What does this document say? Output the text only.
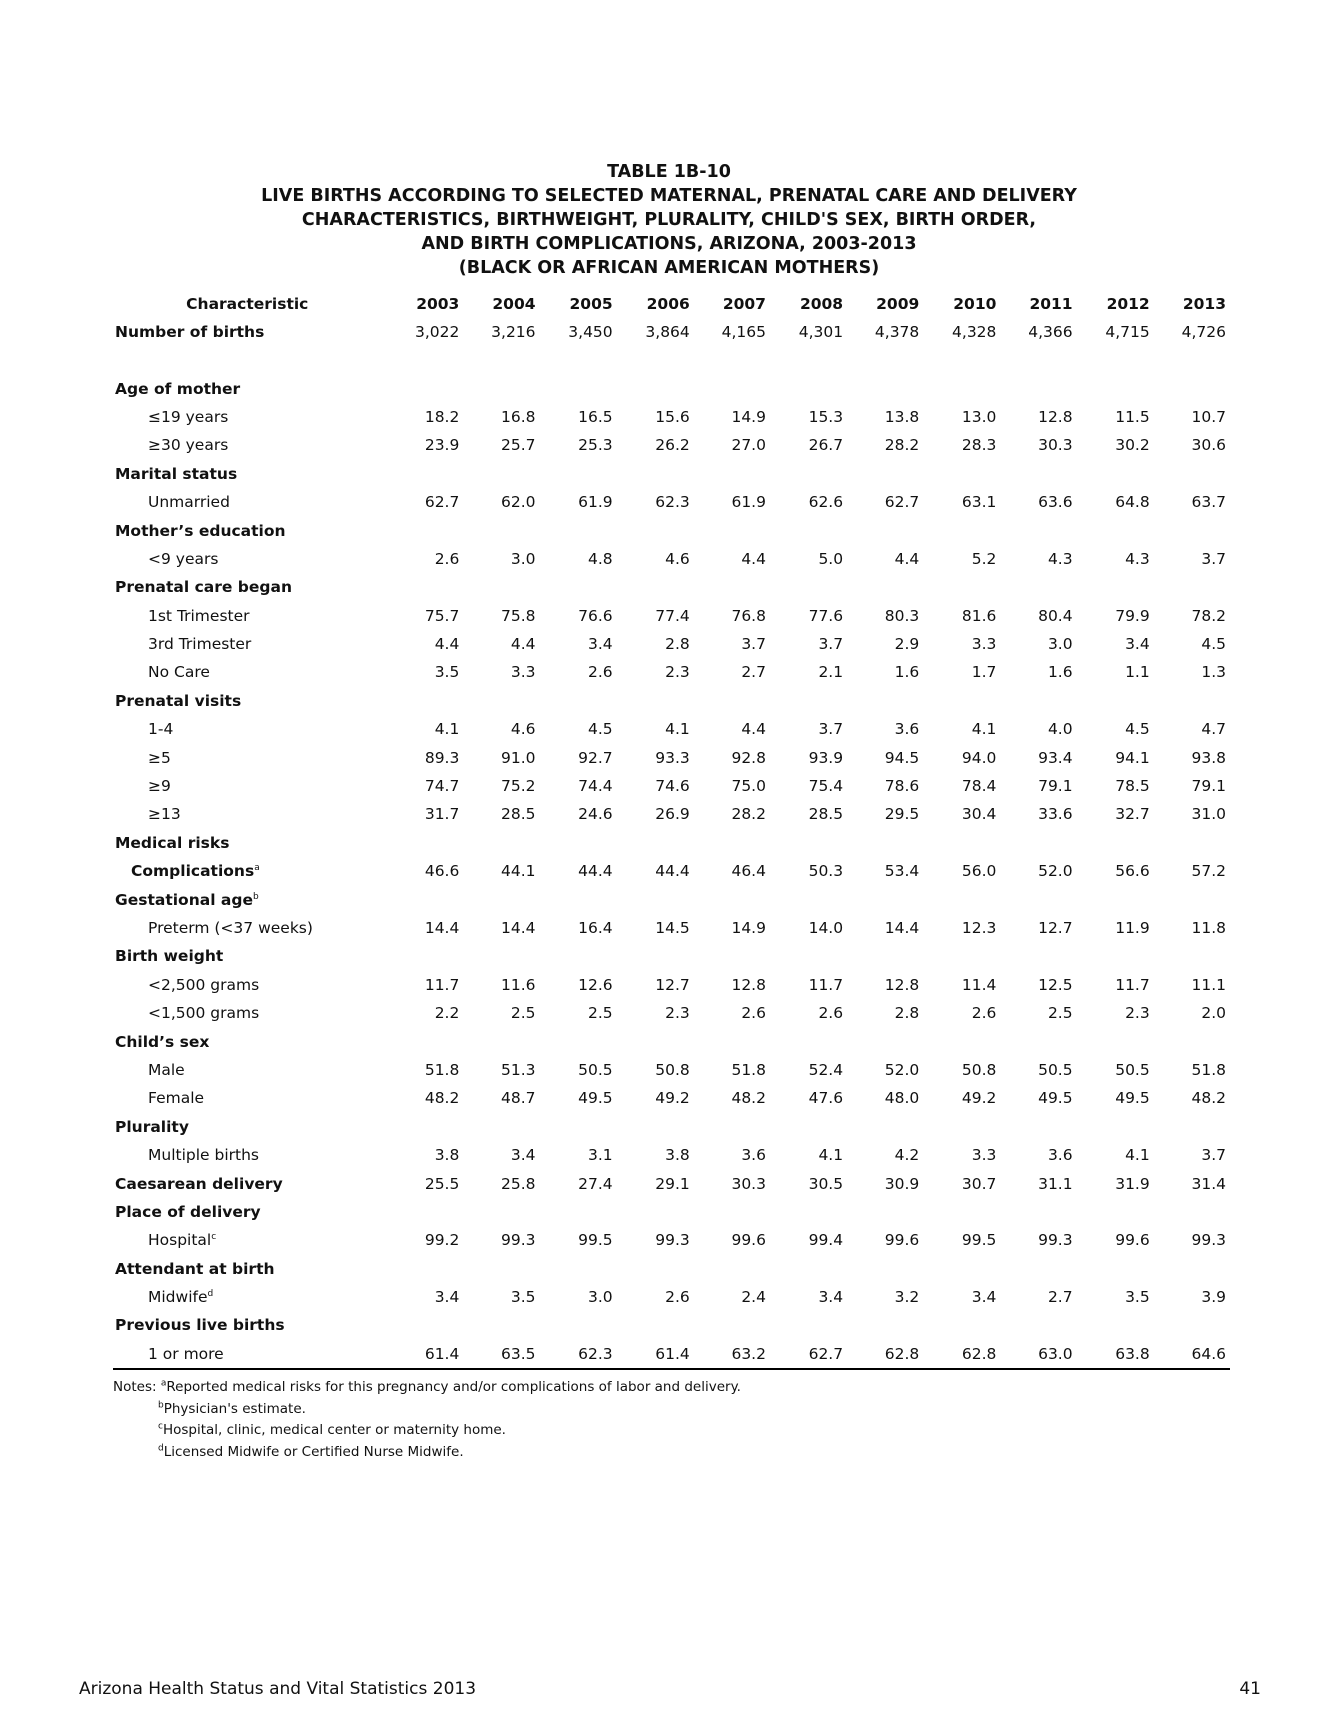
TABLE 1B-10
LIVE BIRTHS ACCORDING TO SELECTED MATERNAL, PRENATAL CARE AND DELIVERY
CHARACTERISTICS, BIRTHWEIGHT, PLURALITY, CHILD'S SEX, BIRTH ORDER,
AND BIRTH COMPLICATIONS, ARIZONA, 2003-2013
(BLACK OR AFRICAN AMERICAN MOTHERS)
Characteristic	2003	2004	2005	2006	2007	2008	2009	2010	2011	2012	2013
Number of births	3,022	3,216	3,450	3,864	4,165	4,301	4,378	4,328	4,366	4,715	4,726

Age of mother											
≤19 years	18.2	16.8	16.5	15.6	14.9	15.3	13.8	13.0	12.8	11.5	10.7
≥30 years	23.9	25.7	25.3	26.2	27.0	26.7	28.2	28.3	30.3	30.2	30.6
Marital status											
Unmarried	62.7	62.0	61.9	62.3	61.9	62.6	62.7	63.1	63.6	64.8	63.7
Mother’s education											
<9 years	2.6	3.0	4.8	4.6	4.4	5.0	4.4	5.2	4.3	4.3	3.7
Prenatal care began											
1st Trimester	75.7	75.8	76.6	77.4	76.8	77.6	80.3	81.6	80.4	79.9	78.2
3rd Trimester	4.4	4.4	3.4	2.8	3.7	3.7	2.9	3.3	3.0	3.4	4.5
No Care	3.5	3.3	2.6	2.3	2.7	2.1	1.6	1.7	1.6	1.1	1.3
Prenatal visits											
1-4	4.1	4.6	4.5	4.1	4.4	3.7	3.6	4.1	4.0	4.5	4.7
≥5	89.3	91.0	92.7	93.3	92.8	93.9	94.5	94.0	93.4	94.1	93.8
≥9	74.7	75.2	74.4	74.6	75.0	75.4	78.6	78.4	79.1	78.5	79.1
≥13	31.7	28.5	24.6	26.9	28.2	28.5	29.5	30.4	33.6	32.7	31.0
Medical risks											
Complications$^a$	46.6	44.1	44.4	44.4	46.4	50.3	53.4	56.0	52.0	56.6	57.2
Gestational age$^b$											
Preterm (<37 weeks)	14.4	14.4	16.4	14.5	14.9	14.0	14.4	12.3	12.7	11.9	11.8
Birth weight											
<2,500 grams	11.7	11.6	12.6	12.7	12.8	11.7	12.8	11.4	12.5	11.7	11.1
<1,500 grams	2.2	2.5	2.5	2.3	2.6	2.6	2.8	2.6	2.5	2.3	2.0
Child’s sex											
Male	51.8	51.3	50.5	50.8	51.8	52.4	52.0	50.8	50.5	50.5	51.8
Female	48.2	48.7	49.5	49.2	48.2	47.6	48.0	49.2	49.5	49.5	48.2
Plurality											
Multiple births	3.8	3.4	3.1	3.8	3.6	4.1	4.2	3.3	3.6	4.1	3.7
Caesarean delivery	25.5	25.8	27.4	29.1	30.3	30.5	30.9	30.7	31.1	31.9	31.4
Place of delivery											
Hospital$^c$	99.2	99.3	99.5	99.3	99.6	99.4	99.6	99.5	99.3	99.6	99.3
Attendant at birth											
Midwife$^d$	3.4	3.5	3.0	2.6	2.4	3.4	3.2	3.4	2.7	3.5	3.9
Previous live births											
1 or more	61.4	63.5	62.3	61.4	63.2	62.7	62.8	62.8	63.0	63.8	64.6
Notes: $^a$Reported medical risks for this pregnancy and/or complications of labor and delivery.
$^b$Physician's estimate.
$^c$Hospital, clinic, medical center or maternity home.
$^d$Licensed Midwife or Certified Nurse Midwife.
Arizona Health Status and Vital Statistics 2013	41
